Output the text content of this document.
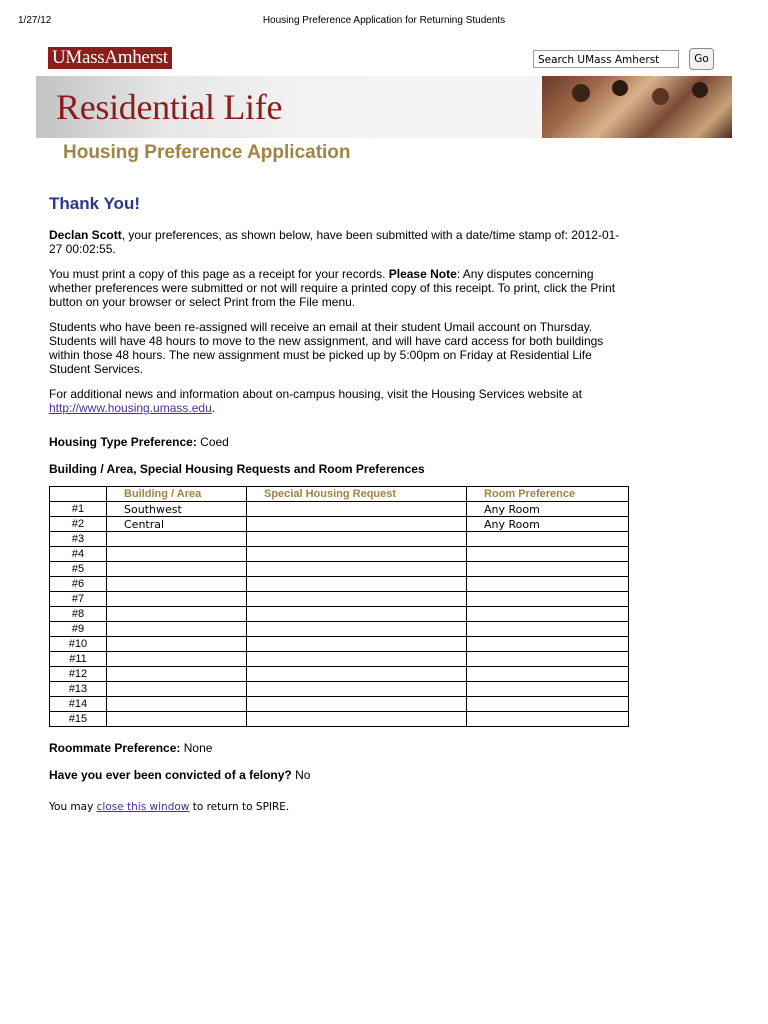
1/27/12	Housing Preference Application for Returning Students
UMassAmherst	Search UMass Amherst	Go
Residential Life
Housing Preference Application
Thank You!

Declan Scott, your preferences, as shown below, have been submitted with a date/time stamp of: 2012-01-27 00:02:55.

You must print a copy of this page as a receipt for your records. Please Note: Any disputes concerning whether preferences were submitted or not will require a printed copy of this receipt. To print, click the Print button on your browser or select Print from the File menu.

Students who have been re-assigned will receive an email at their student Umail account on Thursday. Students will have 48 hours to move to the new assignment, and will have card access for both buildings within those 48 hours. The new assignment must be picked up by 5:00pm on Friday at Residential Life Student Services.

For additional news and information about on-campus housing, visit the Housing Services website at http://www.housing.umass.edu.

Housing Type Preference: Coed

Building / Area, Special Housing Requests and Room Preferences

	Building / Area	Special Housing Request	Room Preference
#1	Southwest		Any Room
#2	Central		Any Room
#3			
#4			
#5			
#6			
#7			
#8			
#9			
#10			
#11			
#12			
#13			
#14			
#15			

Roommate Preference: None

Have you ever been convicted of a felony? No

You may close this window to return to SPIRE.
